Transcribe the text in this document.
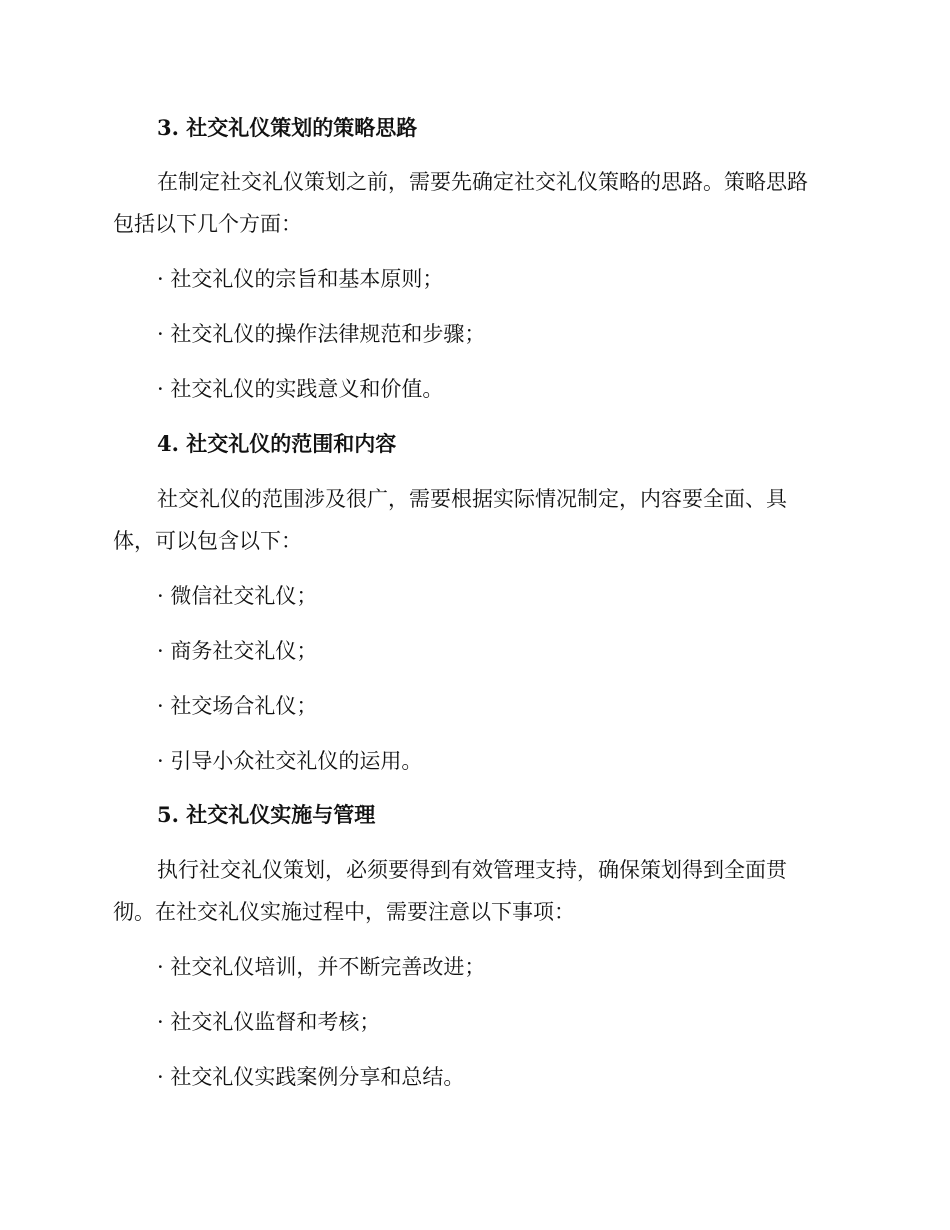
3. 社交礼仪策划的策略思路

在制定社交礼仪策划之前，需要先确定社交礼仪策略的思路。策略思路

包括以下几个方面：

· 社交礼仪的宗旨和基本原则；

· 社交礼仪的操作法律规范和步骤；

· 社交礼仪的实践意义和价值。

4. 社交礼仪的范围和内容

社交礼仪的范围涉及很广，需要根据实际情况制定，内容要全面、具

体，可以包含以下：

· 微信社交礼仪；

· 商务社交礼仪；

· 社交场合礼仪；

· 引导小众社交礼仪的运用。

5. 社交礼仪实施与管理

执行社交礼仪策划，必须要得到有效管理支持，确保策划得到全面贯

彻。在社交礼仪实施过程中，需要注意以下事项：

· 社交礼仪培训，并不断完善改进；

· 社交礼仪监督和考核；

· 社交礼仪实践案例分享和总结。
